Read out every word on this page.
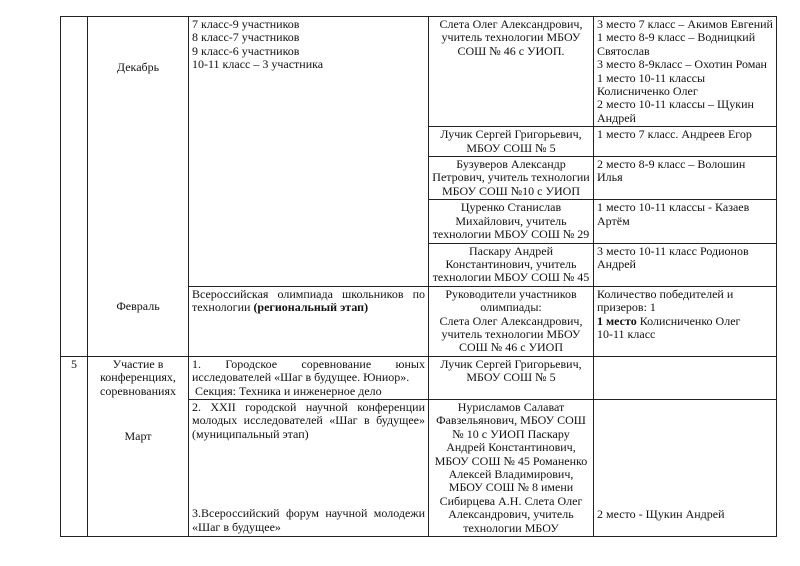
	Декабрь	7 класс-9 участников
8 класс-7 участников
9 класс-6 участников
10-11 класс – 3 участника	Слета Олег Александрович, учитель технологии МБОУ СОШ № 46 с УИОП.	3 место 7 класс – Акимов Евгений
1 место 8-9 класс – Водницкий Святослав
3 место 8-9класс – Охотин Роман
1 место 10-11 классы Колисниченко Олег
2 место 10-11 классы – Щукин Андрей

			Лучик Сергей Григорьевич, МБОУ СОШ № 5	1 место 7 класс. Андреев Егор
			Бузуверов Александр Петрович, учитель технологии МБОУ СОШ №10 с УИОП	2 место 8-9 класс – Волошин Илья
			Цуренко Станислав Михайлович, учитель технологии МБОУ СОШ № 29	1 место 10-11 классы - Казаев Артём
			Паскару Андрей Константинович, учитель технологии МБОУ СОШ № 45	3 место 10-11 класс Родионов Андрей
	Февраль	Всероссийская олимпиада школьников по технологии (региональный этап)	Руководители участников олимпиады:
Слета Олег Александрович, учитель технологии МБОУ СОШ № 46 с УИОП	Количество победителей и призеров: 1
1 место Колисниченко Олег
10-11 класс

5	Участие в конференциях, соревнованиях	1. Городское соревнование юных исследователей «Шаг в будущее. Юниор».
Секция: Техника и инженерное дело	Лучик Сергей Григорьевич, МБОУ СОШ № 5	
	Март	2. XXII городской научной конференции молодых исследователей «Шаг в будущее» (муниципальный этап)
3.Всероссийский форум научной молодежи «Шаг в будущее»	Нурисламов Салават Фавзельянович, МБОУ СОШ № 10 с УИОП Паскару Андрей Константинович, МБОУ СОШ № 45 Романенко Алексей Владимирович, МБОУ СОШ № 8 имени Сибирцева А.Н. Слета Олег Александрович, учитель технологии МБОУ	2 место - Щукин Андрей
